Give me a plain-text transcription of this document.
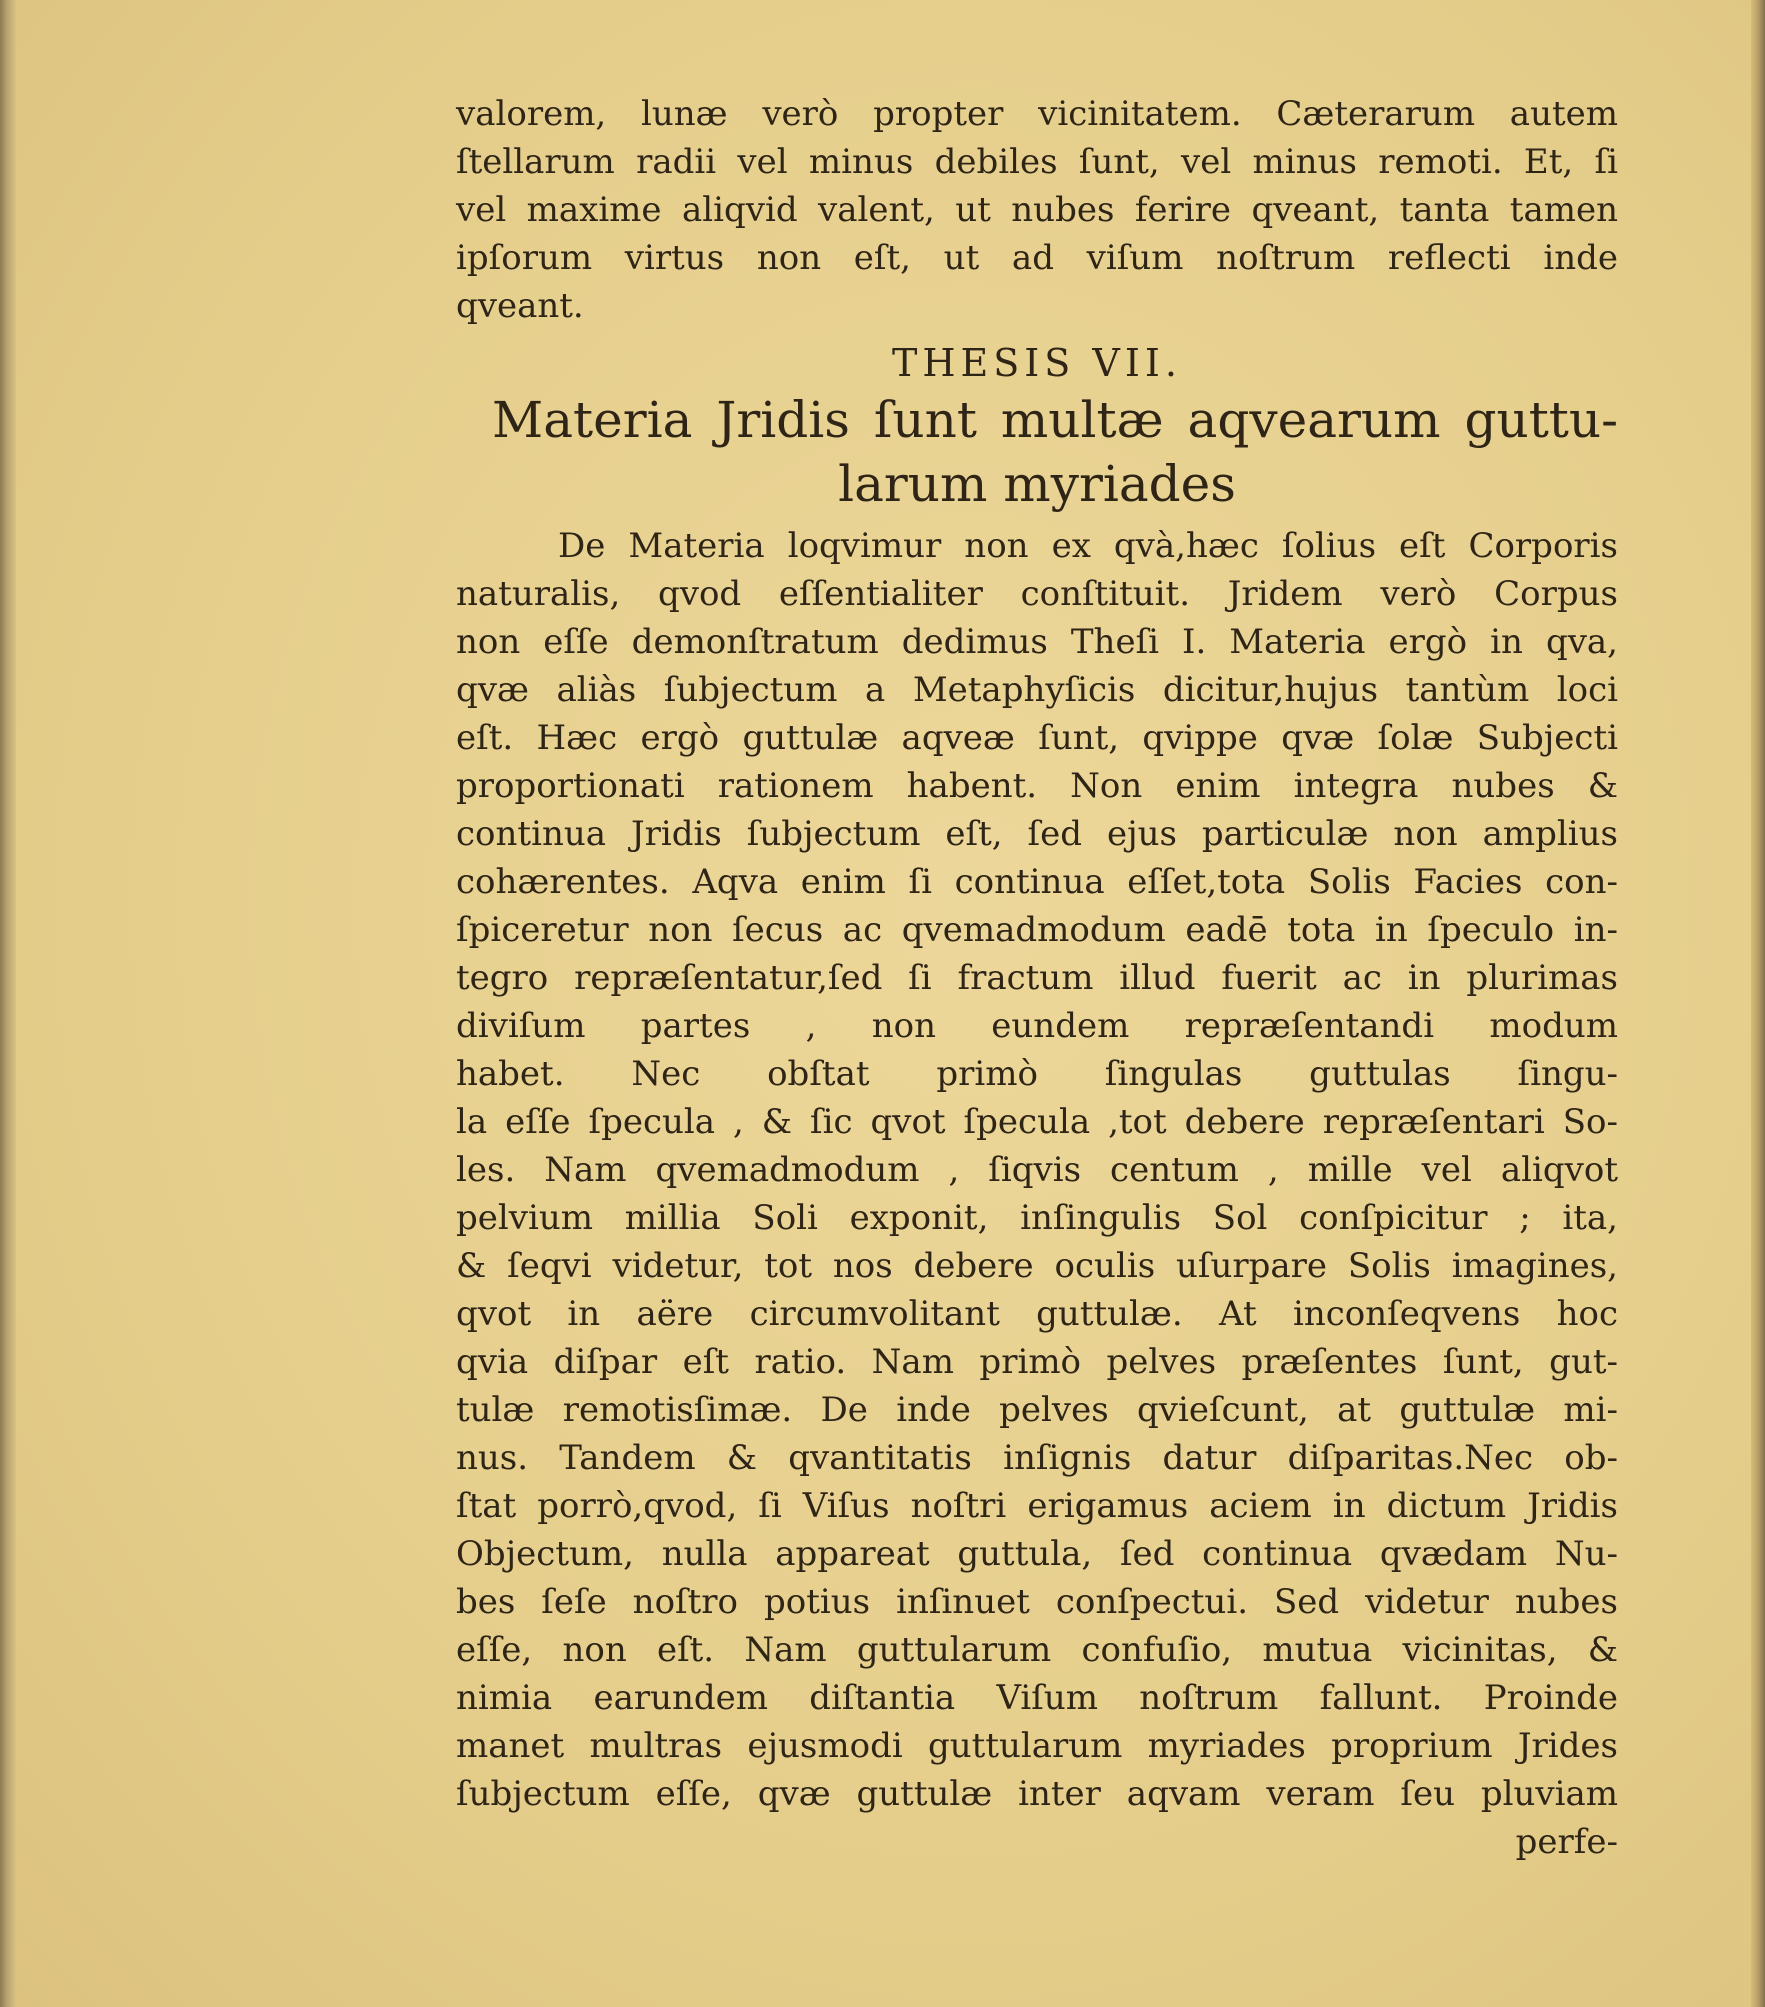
valorem, lunæ verò propter vicinitatem. Cæterarum autem
ſtellarum radii vel minus debiles ſunt, vel minus remoti. Et, ſi
vel maxime aliqvid valent, ut nubes ferire qveant, tanta tamen
ipſorum virtus non eſt, ut ad viſum noſtrum reflecti inde
qveant.
THESIS VII.
Materia Jridis ſunt multæ aqvearum guttu-
larum myriades
De Materia loqvimur non ex qvà,hæc ſolius eſt Corporis
naturalis, qvod eſſentialiter conſtituit. Jridem verò Corpus
non eſſe demonſtratum dedimus Theſi I. Materia ergò in qva,
qvæ aliàs ſubjectum a Metaphyſicis dicitur,hujus tantùm loci
eſt. Hæc ergò guttulæ aqveæ ſunt, qvippe qvæ ſolæ Subjecti
proportionati rationem habent. Non enim integra nubes &
continua Jridis ſubjectum eſt, ſed ejus particulæ non amplius
cohærentes. Aqva enim ſi continua eſſet,tota Solis Facies con-
ſpiceretur non ſecus ac qvemadmodum eadē tota in ſpeculo in-
tegro repræſentatur,ſed ſi fractum illud fuerit ac in plurimas
diviſum partes , non eundem repræſentandi modum
habet. Nec obſtat primò ſingulas guttulas ſingu-
la eſſe ſpecula , & ſic qvot ſpecula ,tot debere repræſentari So-
les. Nam qvemadmodum , ſiqvis centum , mille vel aliqvot
pelvium millia Soli exponit, inſingulis Sol conſpicitur ; ita,
& ſeqvi videtur, tot nos debere oculis uſurpare Solis imagines,
qvot in aëre circumvolitant guttulæ. At inconſeqvens hoc
qvia diſpar eſt ratio. Nam primò pelves præſentes ſunt, gut-
tulæ remotisſimæ. De inde pelves qvieſcunt, at guttulæ mi-
nus. Tandem & qvantitatis inſignis datur diſparitas.Nec ob-
ſtat porrò,qvod, ſi Viſus noſtri erigamus aciem in dictum Jridis
Objectum, nulla appareat guttula, ſed continua qvædam Nu-
bes ſeſe noſtro potius inſinuet conſpectui. Sed videtur nubes
eſſe, non eſt. Nam guttularum confuſio, mutua vicinitas, &
nimia earundem diſtantia Viſum noſtrum fallunt. Proinde
manet multras ejusmodi guttularum myriades proprium Jrides
ſubjectum eſſe, qvæ guttulæ inter aqvam veram ſeu pluviam
perfe-
